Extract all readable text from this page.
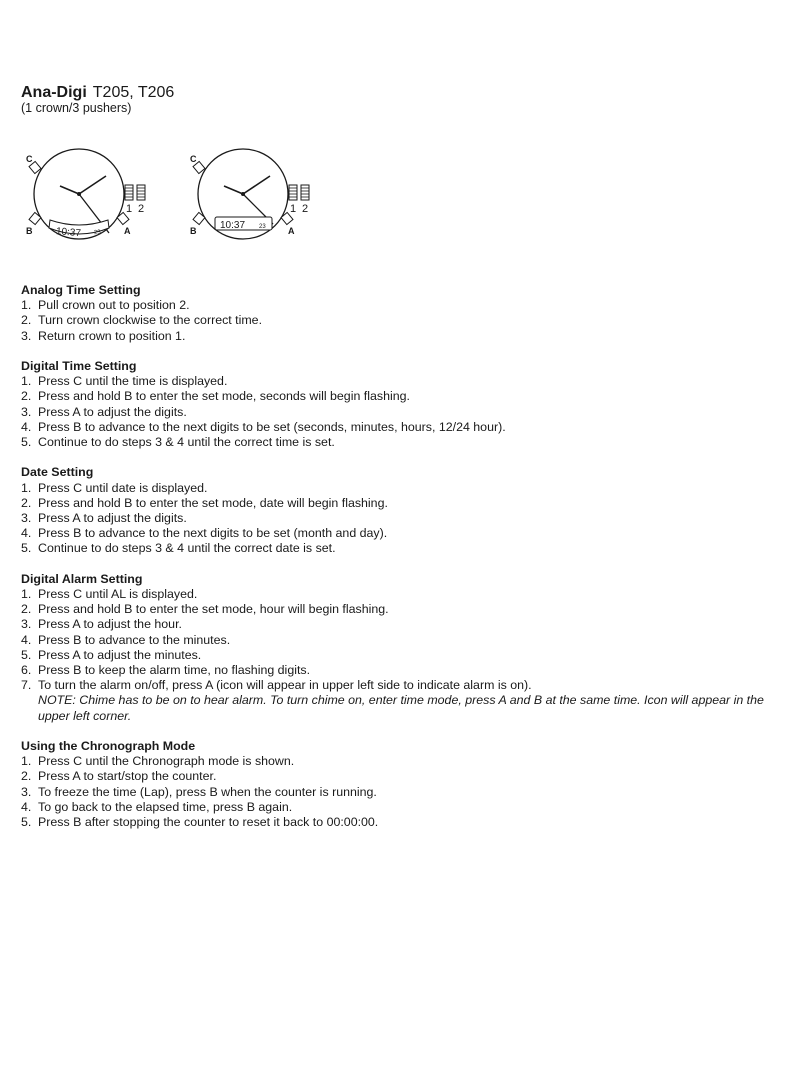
Ana-Digi T205, T206
(1 crown/3 pushers)
10:37 23
C
B	A
1 2
10:37 23
C
B	A
1 2
Analog Time Setting
1. Pull crown out to position 2.
2. Turn crown clockwise to the correct time.
3. Return crown to position 1.
Digital Time Setting
1. Press C until the time is displayed.
2. Press and hold B to enter the set mode, seconds will begin flashing.
3. Press A to adjust the digits.
4. Press B to advance to the next digits to be set (seconds, minutes, hours, 12/24 hour).
5. Continue to do steps 3 & 4 until the correct time is set.
Date Setting
1. Press C until date is displayed.
2. Press and hold B to enter the set mode, date will begin flashing.
3. Press A to adjust the digits.
4. Press B to advance to the next digits to be set (month and day).
5. Continue to do steps 3 & 4 until the correct date is set.
Digital Alarm Setting
1. Press C until AL is displayed.
2. Press and hold B to enter the set mode, hour will begin flashing.
3. Press A to adjust the hour.
4. Press B to advance to the minutes.
5. Press A to adjust the minutes.
6. Press B to keep the alarm time, no flashing digits.
7. To turn the alarm on/off, press A (icon will appear in upper left side to indicate alarm is on).
NOTE: Chime has to be on to hear alarm. To turn chime on, enter time mode, press A and B at the same time. Icon will appear in the upper left corner.
Using the Chronograph Mode
1. Press C until the Chronograph mode is shown.
2. Press A to start/stop the counter.
3. To freeze the time (Lap), press B when the counter is running.
4. To go back to the elapsed time, press B again.
5. Press B after stopping the counter to reset it back to 00:00:00.
